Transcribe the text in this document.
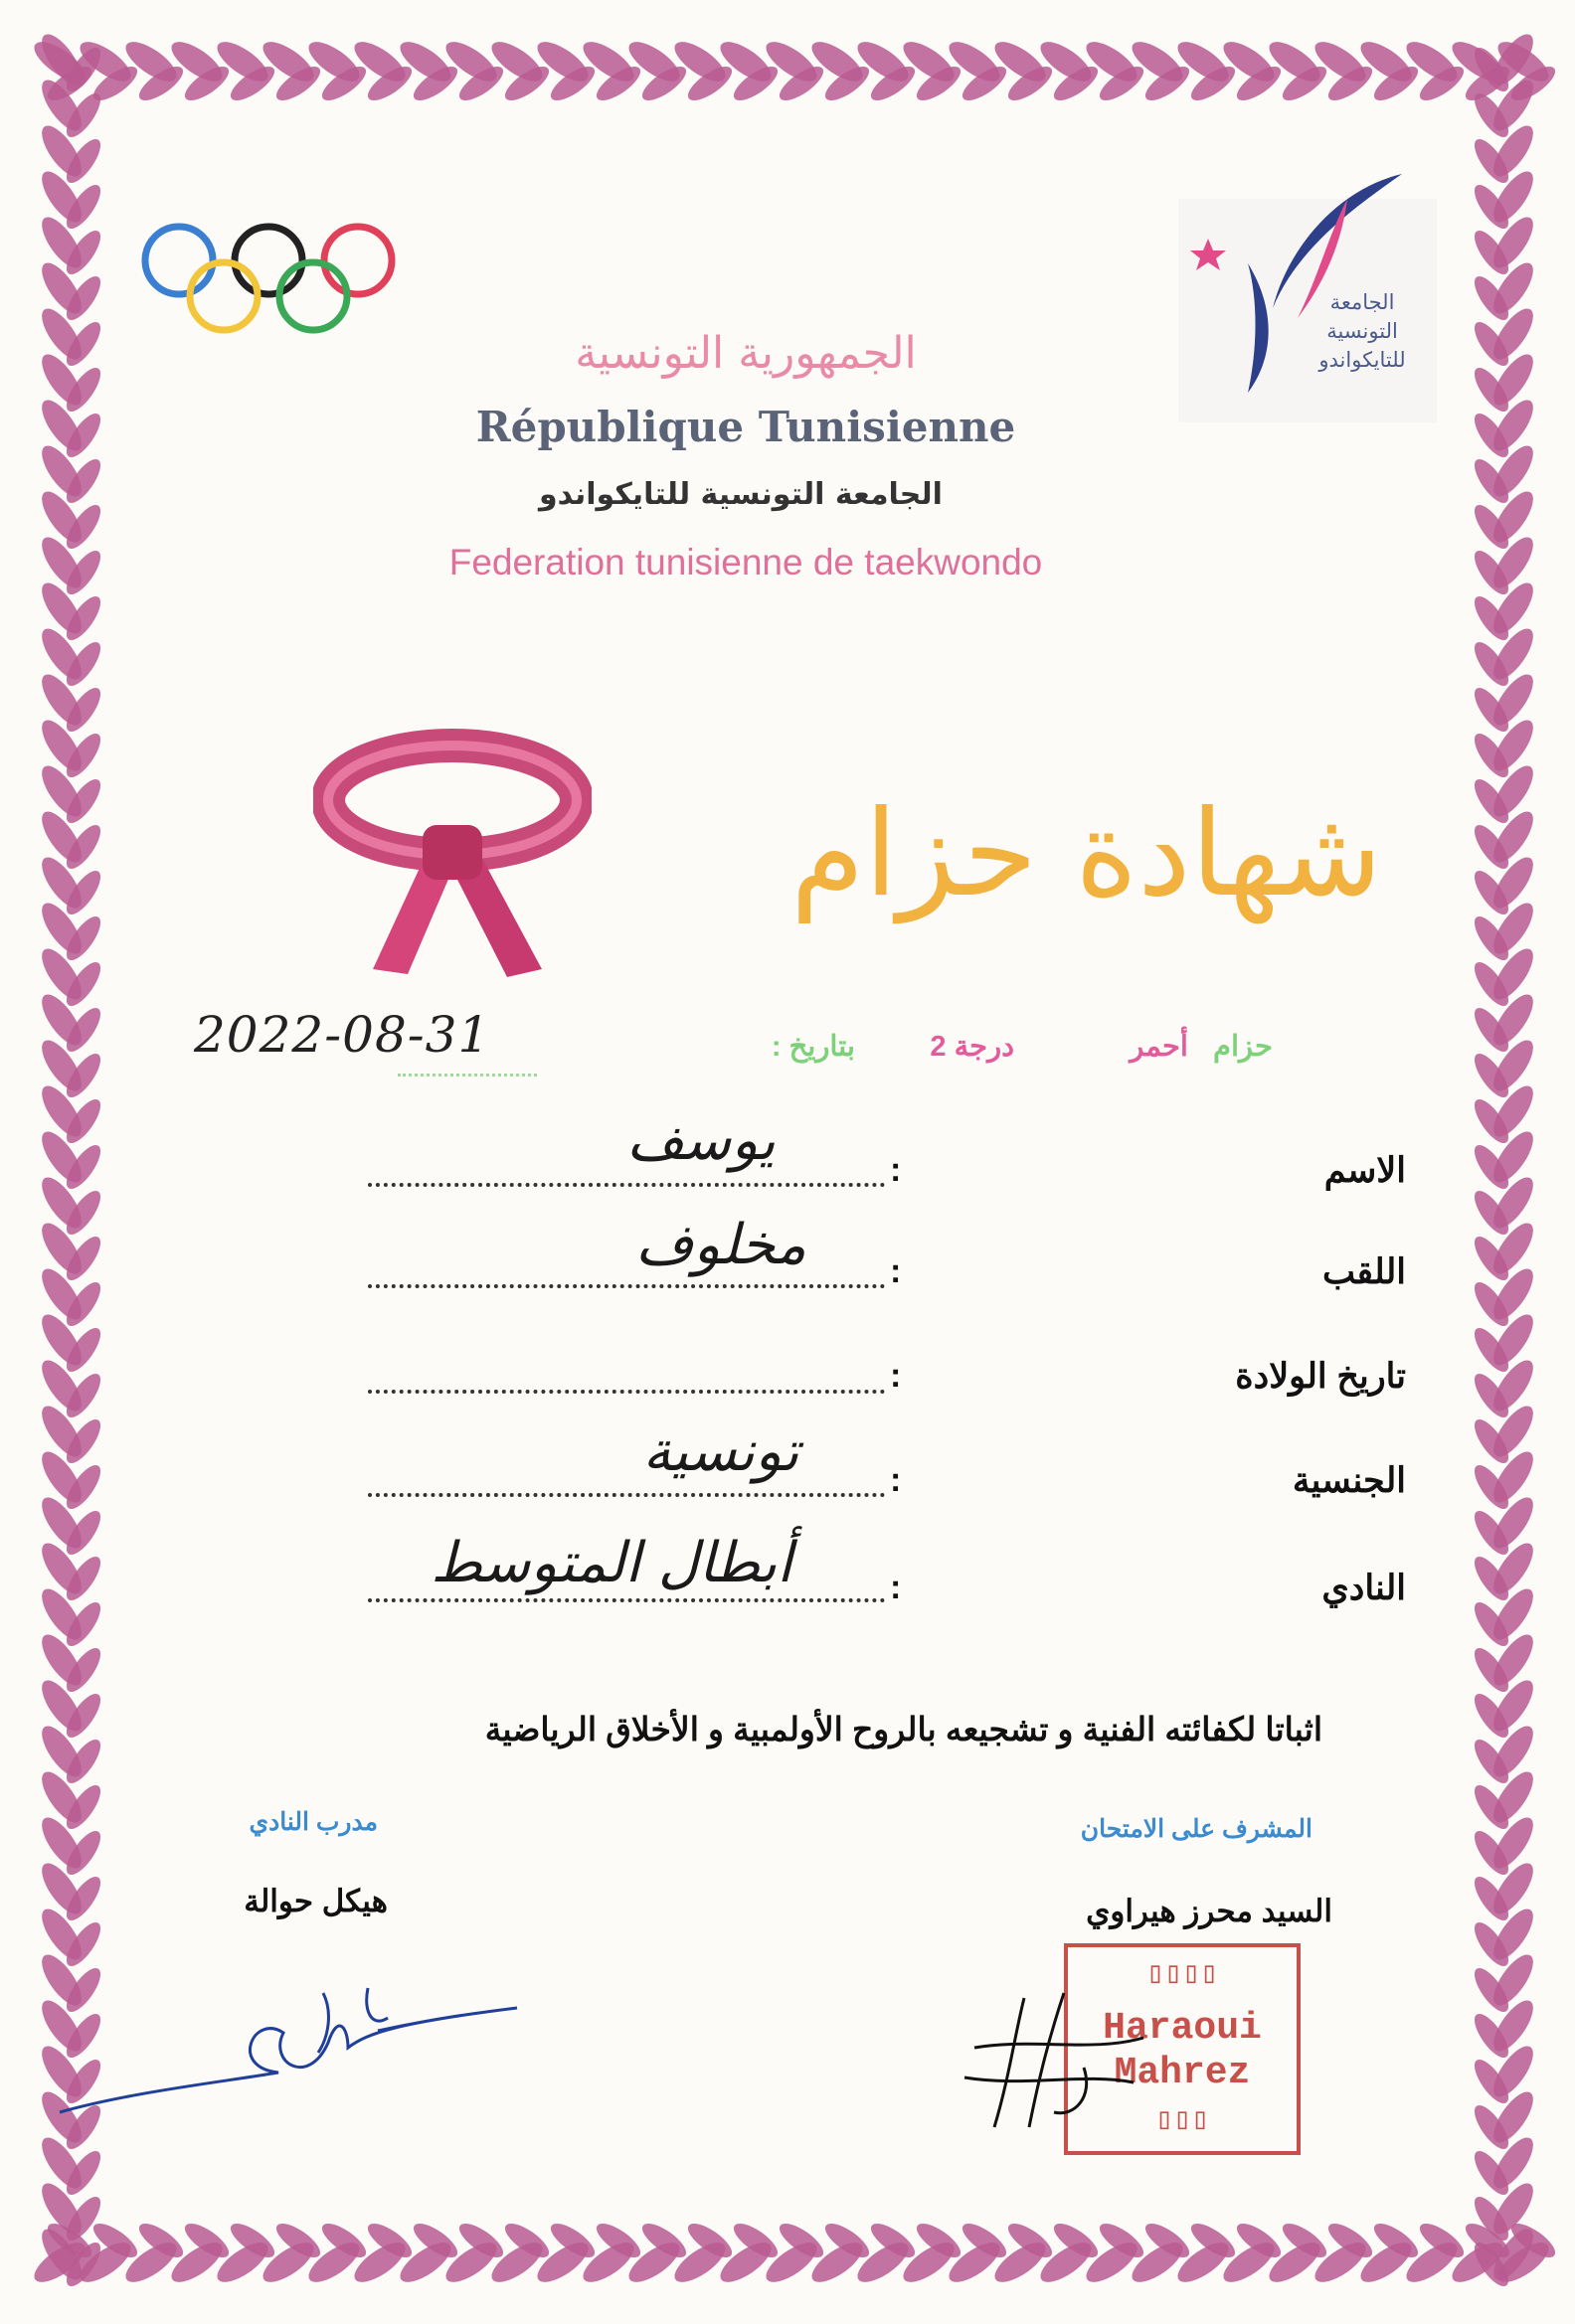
الجامعة
التونسية
للتايكواندو
الجمهورية التونسية
République Tunisienne
الجامعة التونسية للتايكواندو
Federation tunisienne de taekwondo
شهادة حزام
حزام
أحمر
درجة 2
بتاريخ :
2022-08-31
الاسم
:
يوسف
اللقب
:
مخلوف
تاريخ الولادة
:
الجنسية
:
تونسية
النادي
:
أبطال المتوسط
اثباتا لكفائته الفنية و تشجيعه بالروح الأولمبية و الأخلاق الرياضية
المشرف على الامتحان
السيد محرز هيراوي
مدرب النادي
هيكل حوالة
▯▯▯▯
Haraoui
Mahrez
▯▯▯
